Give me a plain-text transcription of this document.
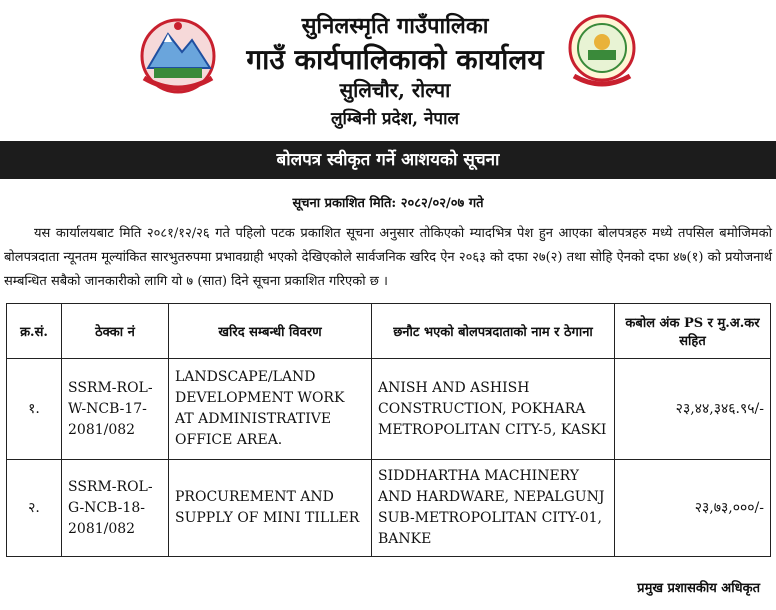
सुनिलस्मृति गाउँपालिका
गाउँ कार्यपालिकाको कार्यालय
सुलिचौर, रोल्पा
लुम्बिनी प्रदेश, नेपाल
बोलपत्र स्वीकृत गर्ने आशयको सूचना
सूचना प्रकाशित मिति: २०८२/०२/०७ गते
यस कार्यालयबाट मिति २०८१/१२/२६ गते पहिलो पटक प्रकाशित सूचना अनुसार तोकिएको म्यादभित्र पेश हुन आएका बोलपत्रहरु मध्ये तपसिल बमोजिमको बोलपत्रदाता न्यूनतम मूल्यांकित सारभुतरुपमा प्रभावग्राही भएको देखिएकोले सार्वजनिक खरिद ऐन २०६३ को दफा २७(२) तथा सोहि ऐनको दफा ४७(१) को प्रयोजनार्थ सम्बन्धित सबैको जानकारीको लागि यो ७ (सात) दिने सूचना प्रकाशित गरिएको छ ।
क्र.सं.	ठेक्का नं	खरिद सम्बन्धी विवरण	छनौट भएको बोलपत्रदाताको नाम र ठेगाना	कबोल अंक PS र मु.अ.कर सहित
१.	SSRM-ROL-W-NCB-17-2081/082	LANDSCAPE/LAND DEVELOPMENT WORK AT ADMINISTRATIVE OFFICE AREA.	ANISH AND ASHISH CONSTRUCTION, POKHARA METROPOLITAN CITY-5, KASKI	२३,४४,३४६.९५/-
२.	SSRM-ROL-G-NCB-18-2081/082	PROCUREMENT AND SUPPLY OF MINI TILLER	SIDDHARTHA MACHINERY AND HARDWARE, NEPALGUNJ SUB-METROPOLITAN CITY-01, BANKE	२३,७३,०००/-
प्रमुख प्रशासकीय अधिकृत
